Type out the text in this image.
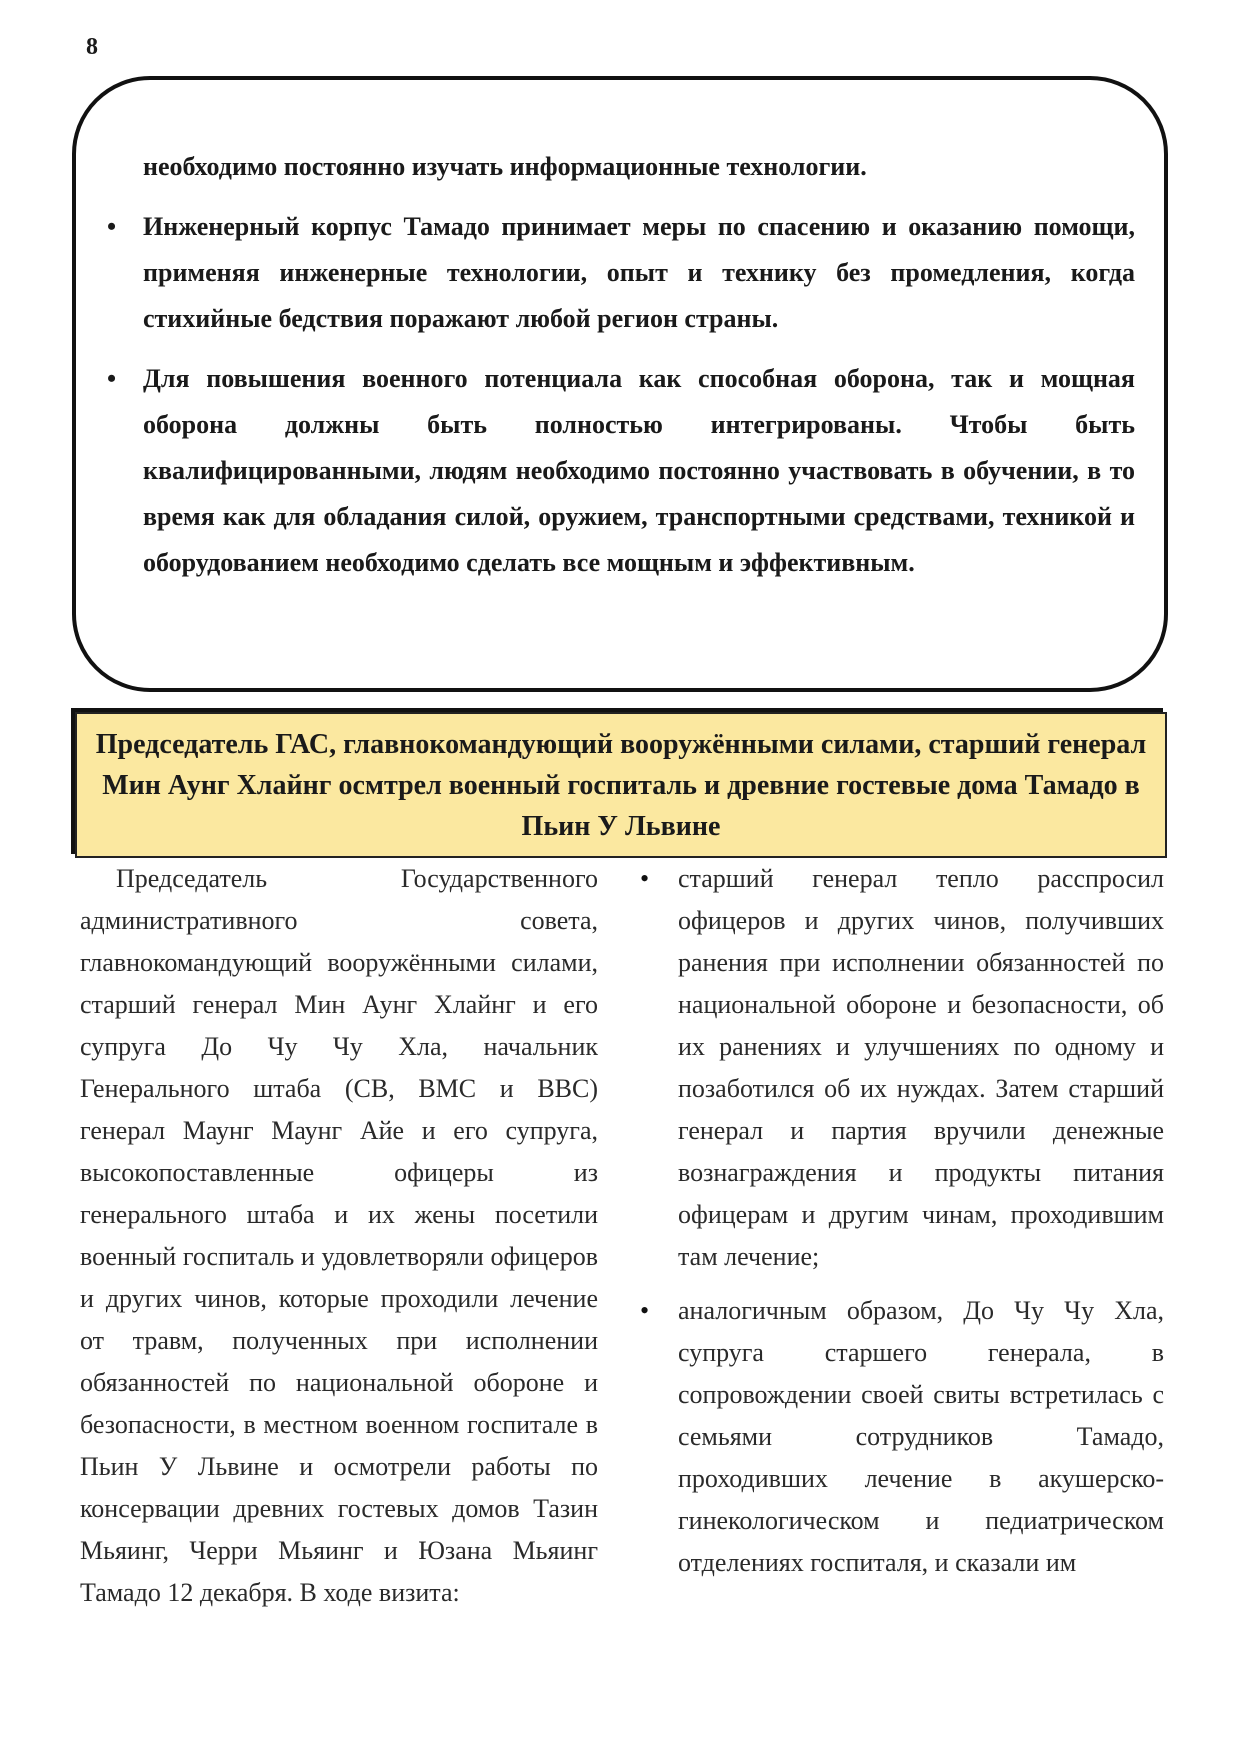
8

необходимо постоянно изучать информационные технологии.

• Инженерный корпус Тамадо принимает меры по спасению и оказанию помощи, применяя инженерные технологии, опыт и технику без промедления, когда стихийные бедствия поражают любой регион страны.
• Для повышения военного потенциала как способная оборона, так и мощная оборона должны быть полностью интегрированы. Чтобы быть квалифицированными, людям необходимо постоянно участвовать в обучении, в то время как для обладания силой, оружием, транспортными средствами, техникой и оборудованием необходимо сделать все мощным и эффективным.
Председатель ГАС, главнокомандующий вооружёнными силами, старший генерал Мин Аунг Хлайнг осмтрел военный госпиталь и древние гостевые дома Тамадо в Пьин У Львине

Председатель Государственного административного совета, главнокомандующий вооружёнными силами, старший генерал Мин Аунг Хлайнг и его супруга До Чу Чу Хла, начальник Генерального штаба (СВ, ВМС и ВВС) генерал Маунг Маунг Айе и его супруга, высокопоставленные офицеры из генерального штаба и их жены посетили военный госпиталь и удовлетворяли офицеров и других чинов, которые проходили лечение от травм, полученных при исполнении обязанностей по национальной обороне и безопасности, в местном военном госпитале в Пьин У Львине и осмотрели работы по консервации древних гостевых домов Тазин Мьяинг, Черри Мьяинг и Юзана Мьяинг Тамадо 12 декабря. В ходе визита:

• старший генерал тепло расспросил офицеров и других чинов, получивших ранения при исполнении обязанностей по национальной обороне и безопасности, об их ранениях и улучшениях по одному и позаботился об их нуждах. Затем старший генерал и партия вручили денежные вознаграждения и продукты питания офицерам и другим чинам, проходившим там лечение;
• аналогичным образом, До Чу Чу Хла, супруга старшего генерала, в сопровождении своей свиты встретилась с семьями сотрудников Тамадо, проходивших лечение в акушерско-гинекологическом и педиатрическом отделениях госпиталя, и сказали им
